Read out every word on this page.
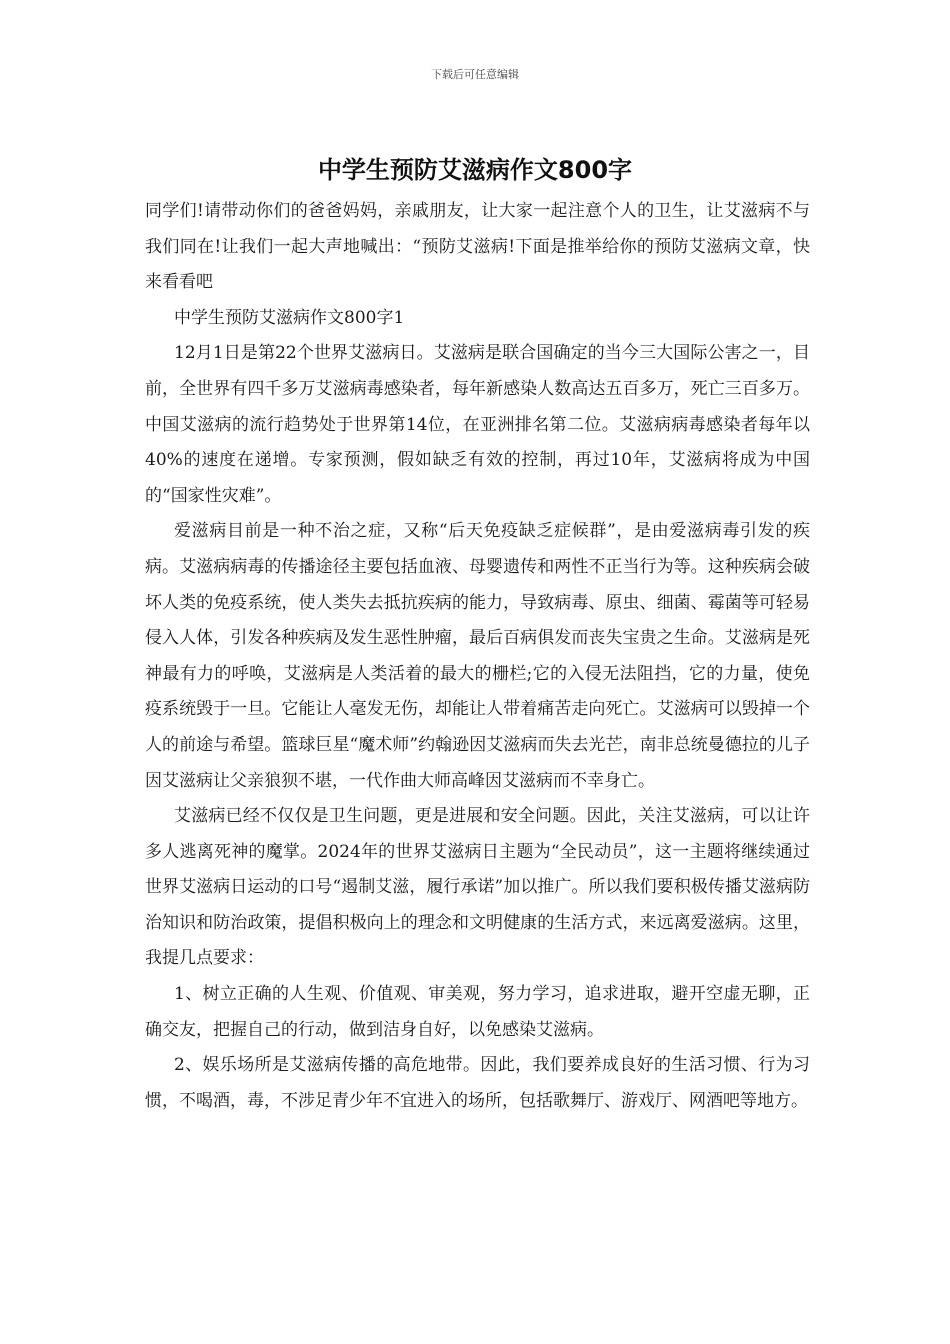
下载后可任意编辑
中学生预防艾滋病作文800字

同学们!请带动你们的爸爸妈妈，亲戚朋友，让大家一起注意个人的卫生，让艾滋病不与我们同在!让我们一起大声地喊出：“预防艾滋病!下面是推举给你的预防艾滋病文章，快来看看吧

中学生预防艾滋病作文800字1

12月1日是第22个世界艾滋病日。艾滋病是联合国确定的当今三大国际公害之一，目前，全世界有四千多万艾滋病毒感染者，每年新感染人数高达五百多万，死亡三百多万。中国艾滋病的流行趋势处于世界第14位，在亚洲排名第二位。艾滋病病毒感染者每年以40%的速度在递增。专家预测，假如缺乏有效的控制，再过10年，艾滋病将成为中国的“国家性灾难”。

爱滋病目前是一种不治之症，又称“后天免疫缺乏症候群”，是由爱滋病毒引发的疾病。艾滋病病毒的传播途径主要包括血液、母婴遗传和两性不正当行为等。这种疾病会破坏人类的免疫系统，使人类失去抵抗疾病的能力，导致病毒、原虫、细菌、霉菌等可轻易侵入人体，引发各种疾病及发生恶性肿瘤，最后百病俱发而丧失宝贵之生命。艾滋病是死神最有力的呼唤，艾滋病是人类活着的最大的栅栏;它的入侵无法阻挡，它的力量，使免疫系统毁于一旦。它能让人毫发无伤，却能让人带着痛苦走向死亡。艾滋病可以毁掉一个人的前途与希望。篮球巨星“魔术师”约翰逊因艾滋病而失去光芒，南非总统曼德拉的儿子因艾滋病让父亲狼狈不堪，一代作曲大师高峰因艾滋病而不幸身亡。

艾滋病已经不仅仅是卫生问题，更是进展和安全问题。因此，关注艾滋病，可以让许多人逃离死神的魔掌。2024年的世界艾滋病日主题为“全民动员”，这一主题将继续通过世界艾滋病日运动的口号“遏制艾滋，履行承诺”加以推广。所以我们要积极传播艾滋病防治知识和防治政策，提倡积极向上的理念和文明健康的生活方式，来远离爱滋病。这里，我提几点要求：

1、树立正确的人生观、价值观、审美观，努力学习，追求进取，避开空虚无聊，正确交友，把握自己的行动，做到洁身自好，以免感染艾滋病。

2、娱乐场所是艾滋病传播的高危地带。因此，我们要养成良好的生活习惯、行为习惯，不喝酒，毒，不涉足青少年不宜进入的场所，包括歌舞厅、游戏厅、网酒吧等地方。
